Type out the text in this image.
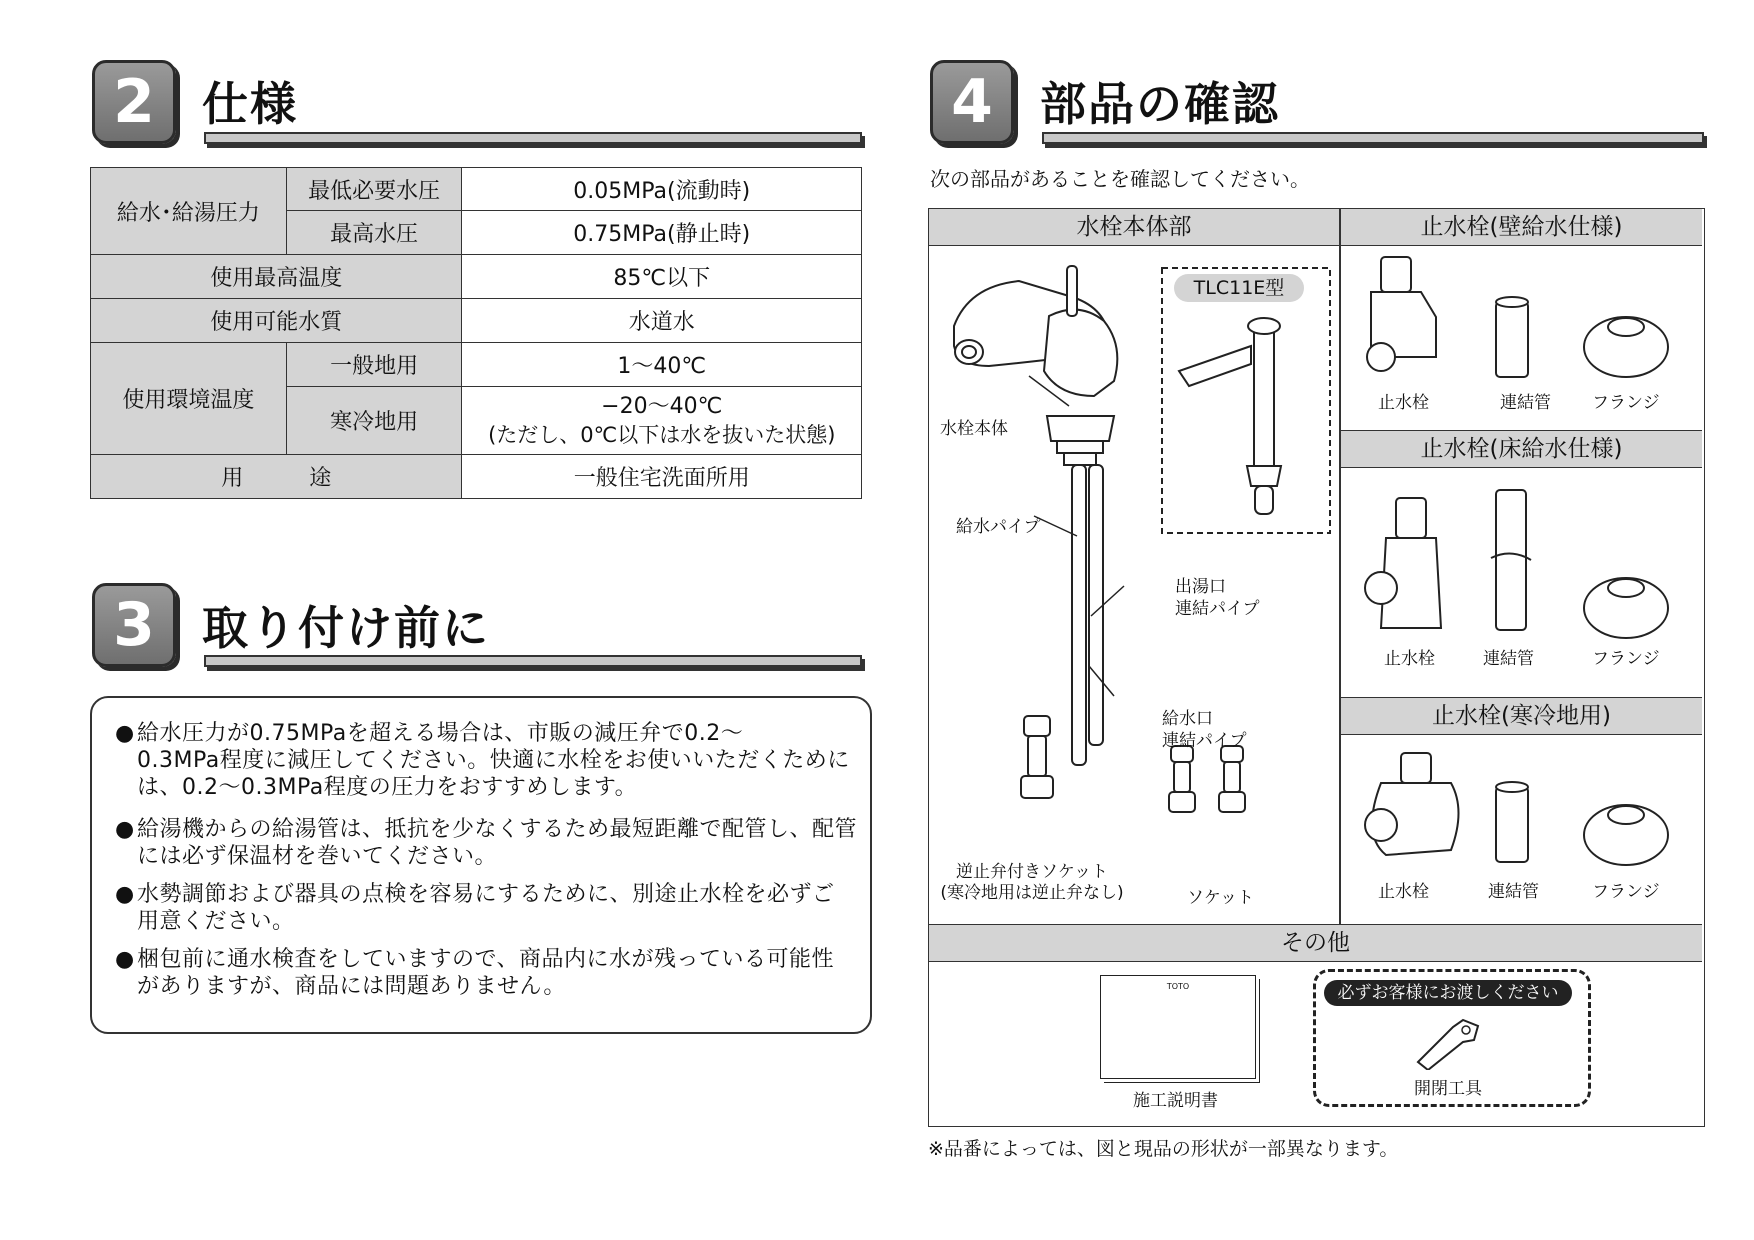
2	仕様
給水･給湯圧力	最低必要水圧	0.05MPa(流動時)
	最高水圧	0.75MPa(静止時)
使用最高温度		85℃以下
使用可能水質		水道水
使用環境温度	一般地用	1～40℃
	寒冷地用	−20～40℃
(ただし、0℃以下は水を抜いた状態)

用　　　途		一般住宅洗面所用
3	取り付け前に
● 給水圧力が0.75MPaを超える場合は、市販の減圧弁で0.2～
0.3MPa程度に減圧してください。快適に水栓をお使いいただくために
は、0.2～0.3MPa程度の圧力をおすすめします。
● 給湯機からの給湯管は、抵抗を少なくするため最短距離で配管し、配管
には必ず保温材を巻いてください。
● 水勢調節および器具の点検を容易にするために、別途止水栓を必ずご
用意ください。
● 梱包前に通水検査をしていますので、商品内に水が残っている可能性
がありますが、商品には問題ありません。
4	部品の確認
次の部品があることを確認してください。
水栓本体部	止水栓(壁給水仕様)
止水栓(床給水仕様)
止水栓(寒冷地用)
その他
TLC11E型
水栓本体
給水パイプ
出湯口
連結パイプ
給水口
連結パイプ
逆止弁付きソケット
(寒冷地用は逆止弁なし)	ソケット
止水栓	連結管 フランジ
止水栓	連結管	フランジ
止水栓	連結管	フランジ
TOTO
施工説明書
必ずお客様にお渡しください
開閉工具
※品番によっては、図と現品の形状が一部異なります。
